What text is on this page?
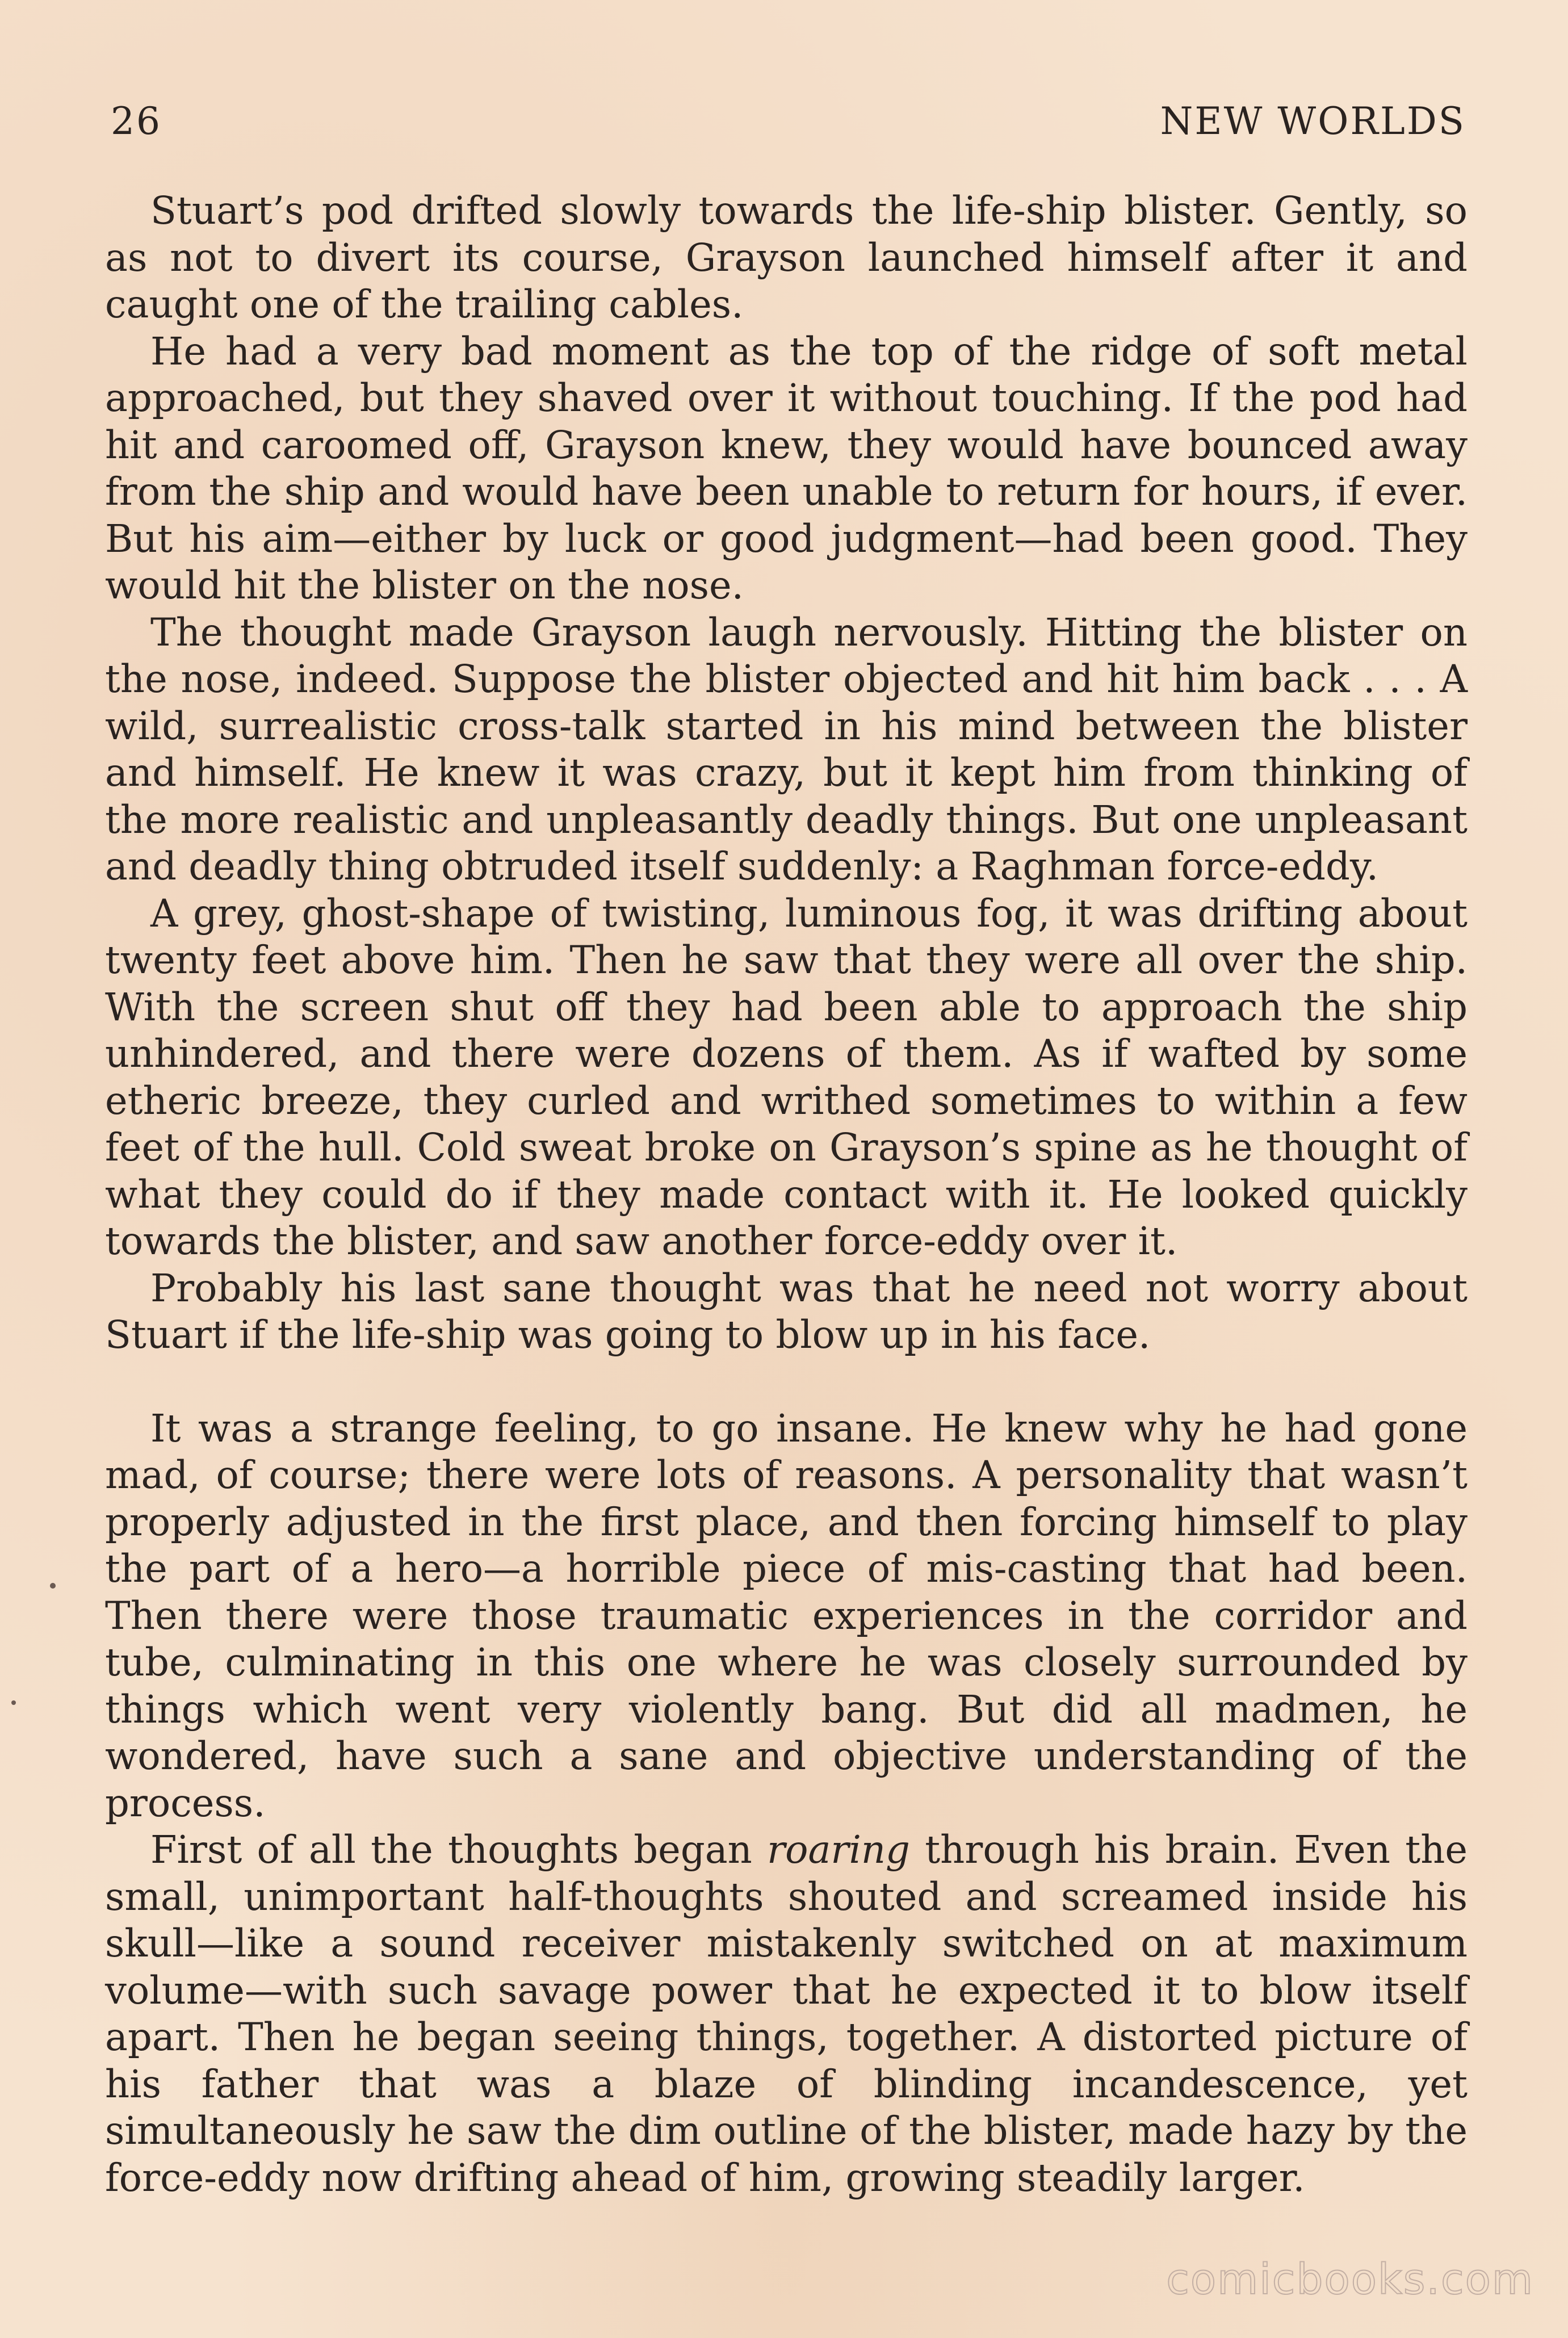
26	NEW WORLDS

Stuart’s pod drifted slowly towards the life-ship blister. Gently, so as not to divert its course, Grayson launched himself after it and caught one of the trailing cables.

He had a very bad moment as the top of the ridge of soft metal approached, but they shaved over it without touching. If the pod had hit and caroomed off, Grayson knew, they would have bounced away from the ship and would have been unable to return for hours, if ever. But his aim—either by luck or good judgment—had been good. They would hit the blister on the nose.

The thought made Grayson laugh nervously. Hitting the blister on the nose, indeed. Suppose the blister objected and hit him back . . . A wild, surrealistic cross-talk started in his mind between the blister and himself. He knew it was crazy, but it kept him from thinking of the more realistic and unpleasantly deadly things. But one unpleasant and deadly thing obtruded itself suddenly: a Raghman force-eddy.

A grey, ghost-shape of twisting, luminous fog, it was drifting about twenty feet above him. Then he saw that they were all over the ship. With the screen shut off they had been able to approach the ship unhindered, and there were dozens of them. As if wafted by some etheric breeze, they curled and writhed sometimes to within a few feet of the hull. Cold sweat broke on Grayson’s spine as he thought of what they could do if they made contact with it. He looked quickly towards the blister, and saw another force-eddy over it.

Probably his last sane thought was that he need not worry about Stuart if the life-ship was going to blow up in his face.

It was a strange feeling, to go insane. He knew why he had gone mad, of course; there were lots of reasons. A personality that wasn’t properly adjusted in the first place, and then forcing himself to play the part of a hero—a horrible piece of mis-casting that had been. Then there were those traumatic experiences in the corridor and tube, culminating in this one where he was closely surrounded by things which went very violently bang. But did all madmen, he wondered, have such a sane and objective understanding of the process.

First of all the thoughts began roaring through his brain. Even the small, unimportant half-thoughts shouted and screamed inside his skull—like a sound receiver mistakenly switched on at maximum volume—with such savage power that he expected it to blow itself apart. Then he began seeing things, together. A distorted picture of his father that was a blaze of blinding incandescence, yet simultaneously he saw the dim outline of the blister, made hazy by the force-eddy now drifting ahead of him, growing steadily larger.

comicbooks.com
